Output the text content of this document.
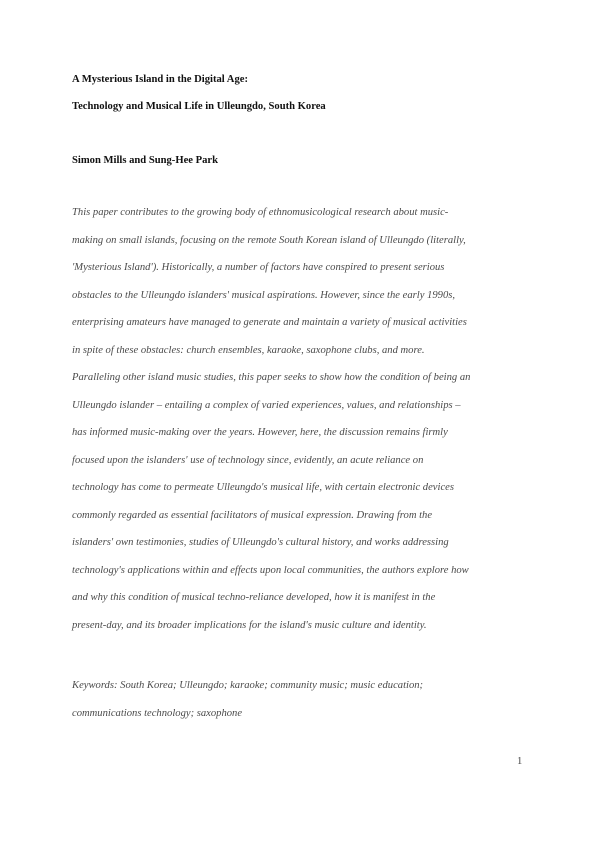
A Mysterious Island in the Digital Age:
Technology and Musical Life in Ulleungdo, South Korea
Simon Mills and Sung-Hee Park
This paper contributes to the growing body of ethnomusicological research about music-
making on small islands, focusing on the remote South Korean island of Ulleungdo (literally,
'Mysterious Island'). Historically, a number of factors have conspired to present serious
obstacles to the Ulleungdo islanders' musical aspirations. However, since the early 1990s,
enterprising amateurs have managed to generate and maintain a variety of musical activities
in spite of these obstacles: church ensembles, karaoke, saxophone clubs, and more.
Paralleling other island music studies, this paper seeks to show how the condition of being an
Ulleungdo islander – entailing a complex of varied experiences, values, and relationships –
has informed music-making over the years. However, here, the discussion remains firmly
focused upon the islanders' use of technology since, evidently, an acute reliance on
technology has come to permeate Ulleungdo's musical life, with certain electronic devices
commonly regarded as essential facilitators of musical expression. Drawing from the
islanders' own testimonies, studies of Ulleungdo's cultural history, and works addressing
technology's applications within and effects upon local communities, the authors explore how
and why this condition of musical techno-reliance developed, how it is manifest in the
present-day, and its broader implications for the island's music culture and identity.
Keywords: South Korea; Ulleungdo; karaoke; community music; music education;
communications technology; saxophone
1
